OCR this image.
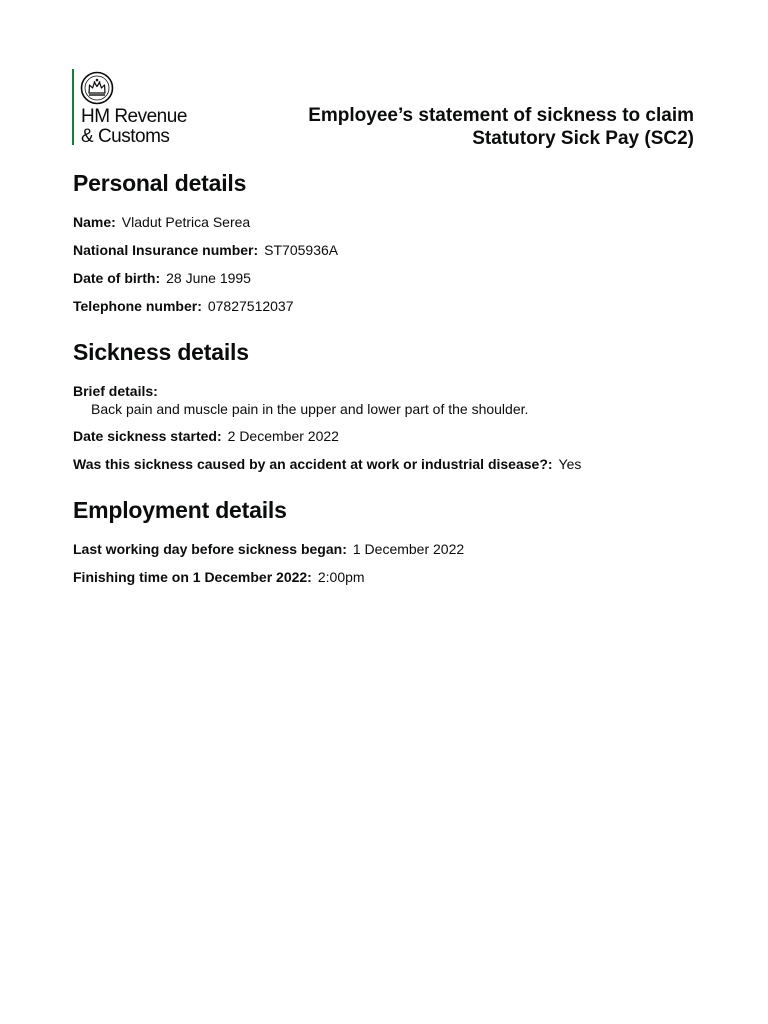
HM Revenue
& Customs
Employee’s statement of sickness to claim
Statutory Sick Pay (SC2)
Personal details
Name: Vladut Petrica Serea
National Insurance number: ST705936A
Date of birth: 28 June 1995
Telephone number: 07827512037
Sickness details
Brief details:
Back pain and muscle pain in the upper and lower part of the shoulder.
Date sickness started: 2 December 2022
Was this sickness caused by an accident at work or industrial disease?: Yes
Employment details
Last working day before sickness began: 1 December 2022
Finishing time on 1 December 2022: 2:00pm
